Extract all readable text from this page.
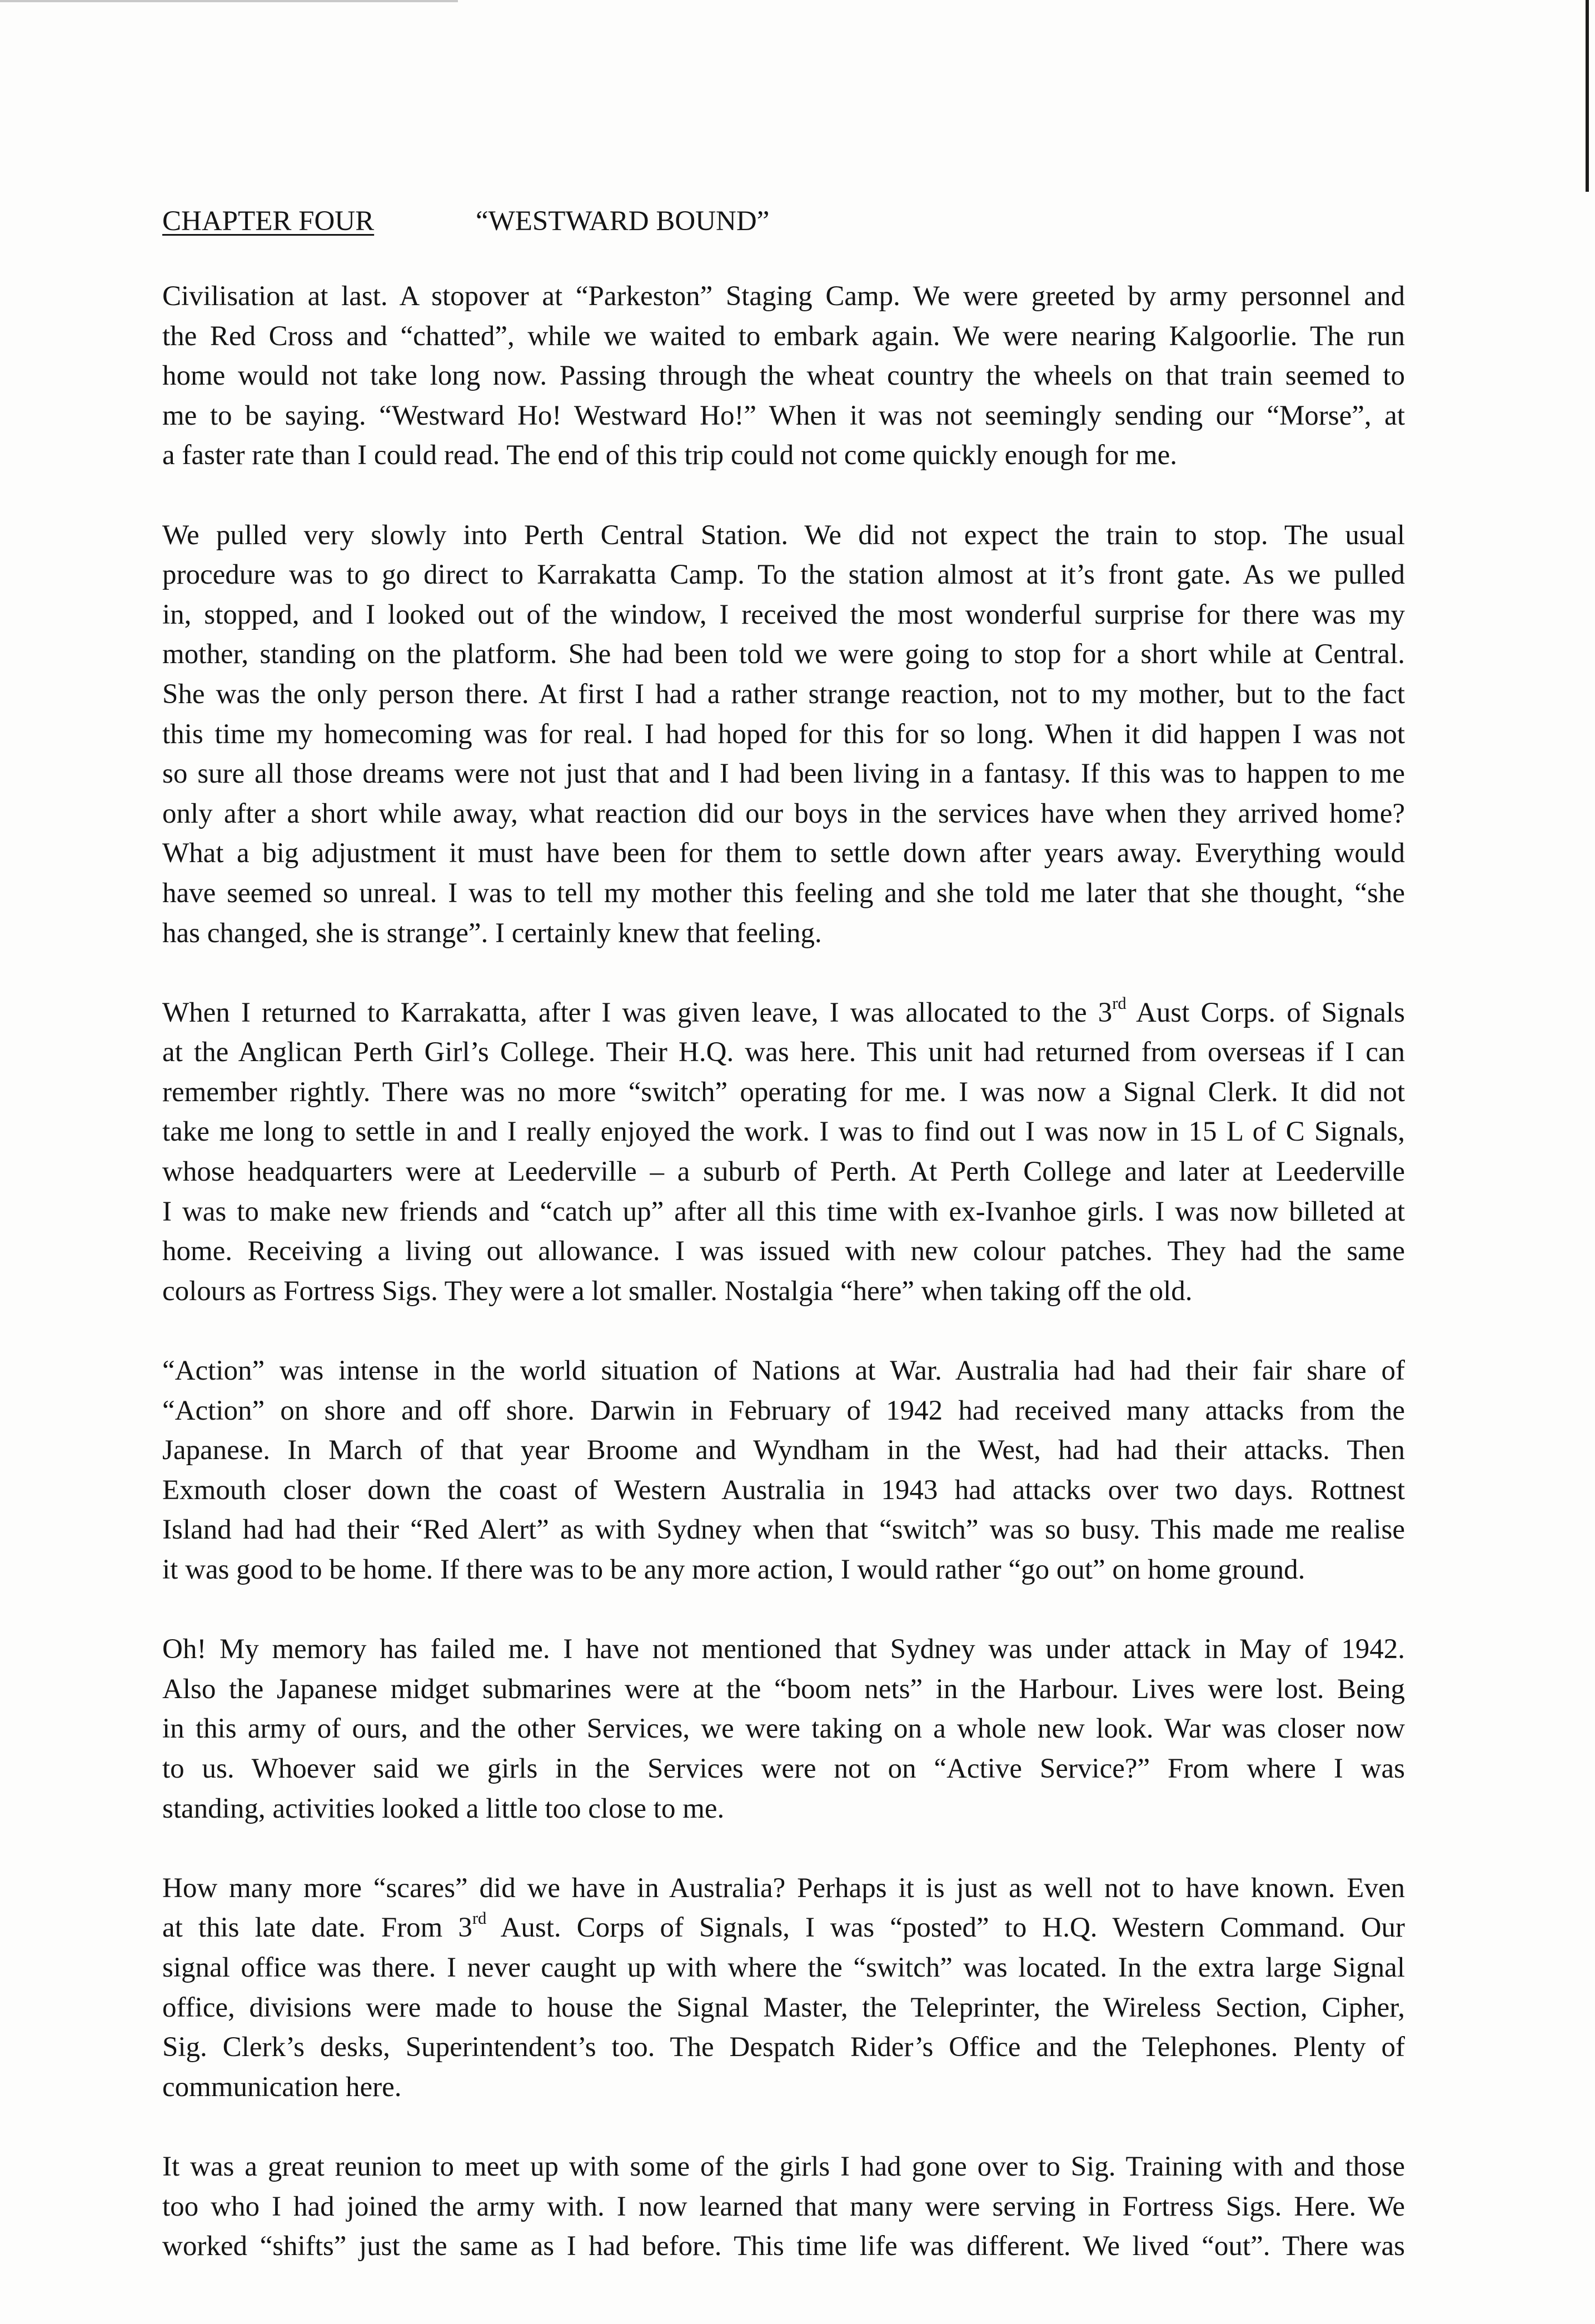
CHAPTER FOUR	“WESTWARD BOUND”

Civilisation at last. A stopover at “Parkeston” Staging Camp. We were greeted by army personnel and
the Red Cross and “chatted”, while we waited to embark again. We were nearing Kalgoorlie. The run
home would not take long now. Passing through the wheat country the wheels on that train seemed to
me to be saying. “Westward Ho! Westward Ho!” When it was not seemingly sending our “Morse”, at
a faster rate than I could read. The end of this trip could not come quickly enough for me.

We pulled very slowly into Perth Central Station. We did not expect the train to stop. The usual
procedure was to go direct to Karrakatta Camp. To the station almost at it’s front gate. As we pulled
in, stopped, and I looked out of the window, I received the most wonderful surprise for there was my
mother, standing on the platform. She had been told we were going to stop for a short while at Central.
She was the only person there. At first I had a rather strange reaction, not to my mother, but to the fact
this time my homecoming was for real. I had hoped for this for so long. When it did happen I was not
so sure all those dreams were not just that and I had been living in a fantasy. If this was to happen to me
only after a short while away, what reaction did our boys in the services have when they arrived home?
What a big adjustment it must have been for them to settle down after years away. Everything would
have seemed so unreal. I was to tell my mother this feeling and she told me later that she thought, “she
has changed, she is strange”. I certainly knew that feeling.

When I returned to Karrakatta, after I was given leave, I was allocated to the 3rd Aust Corps. of Signals
at the Anglican Perth Girl’s College. Their H.Q. was here. This unit had returned from overseas if I can
remember rightly. There was no more “switch” operating for me. I was now a Signal Clerk. It did not
take me long to settle in and I really enjoyed the work. I was to find out I was now in 15 L of C Signals,
whose headquarters were at Leederville – a suburb of Perth. At Perth College and later at Leederville
I was to make new friends and “catch up” after all this time with ex-Ivanhoe girls. I was now billeted at
home. Receiving a living out allowance. I was issued with new colour patches. They had the same
colours as Fortress Sigs. They were a lot smaller. Nostalgia “here” when taking off the old.

“Action” was intense in the world situation of Nations at War. Australia had had their fair share of
“Action” on shore and off shore. Darwin in February of 1942 had received many attacks from the
Japanese. In March of that year Broome and Wyndham in the West, had had their attacks. Then
Exmouth closer down the coast of Western Australia in 1943 had attacks over two days. Rottnest
Island had had their “Red Alert” as with Sydney when that “switch” was so busy. This made me realise
it was good to be home. If there was to be any more action, I would rather “go out” on home ground.

Oh! My memory has failed me. I have not mentioned that Sydney was under attack in May of 1942.
Also the Japanese midget submarines were at the “boom nets” in the Harbour. Lives were lost. Being
in this army of ours, and the other Services, we were taking on a whole new look. War was closer now
to us. Whoever said we girls in the Services were not on “Active Service?” From where I was
standing, activities looked a little too close to me.

How many more “scares” did we have in Australia? Perhaps it is just as well not to have known. Even
at this late date. From 3rd Aust. Corps of Signals, I was “posted” to H.Q. Western Command. Our
signal office was there. I never caught up with where the “switch” was located. In the extra large Signal
office, divisions were made to house the Signal Master, the Teleprinter, the Wireless Section, Cipher,
Sig. Clerk’s desks, Superintendent’s too. The Despatch Rider’s Office and the Telephones. Plenty of
communication here.

It was a great reunion to meet up with some of the girls I had gone over to Sig. Training with and those
too who I had joined the army with. I now learned that many were serving in Fortress Sigs. Here. We
worked “shifts” just the same as I had before. This time life was different. We lived “out”. There was
